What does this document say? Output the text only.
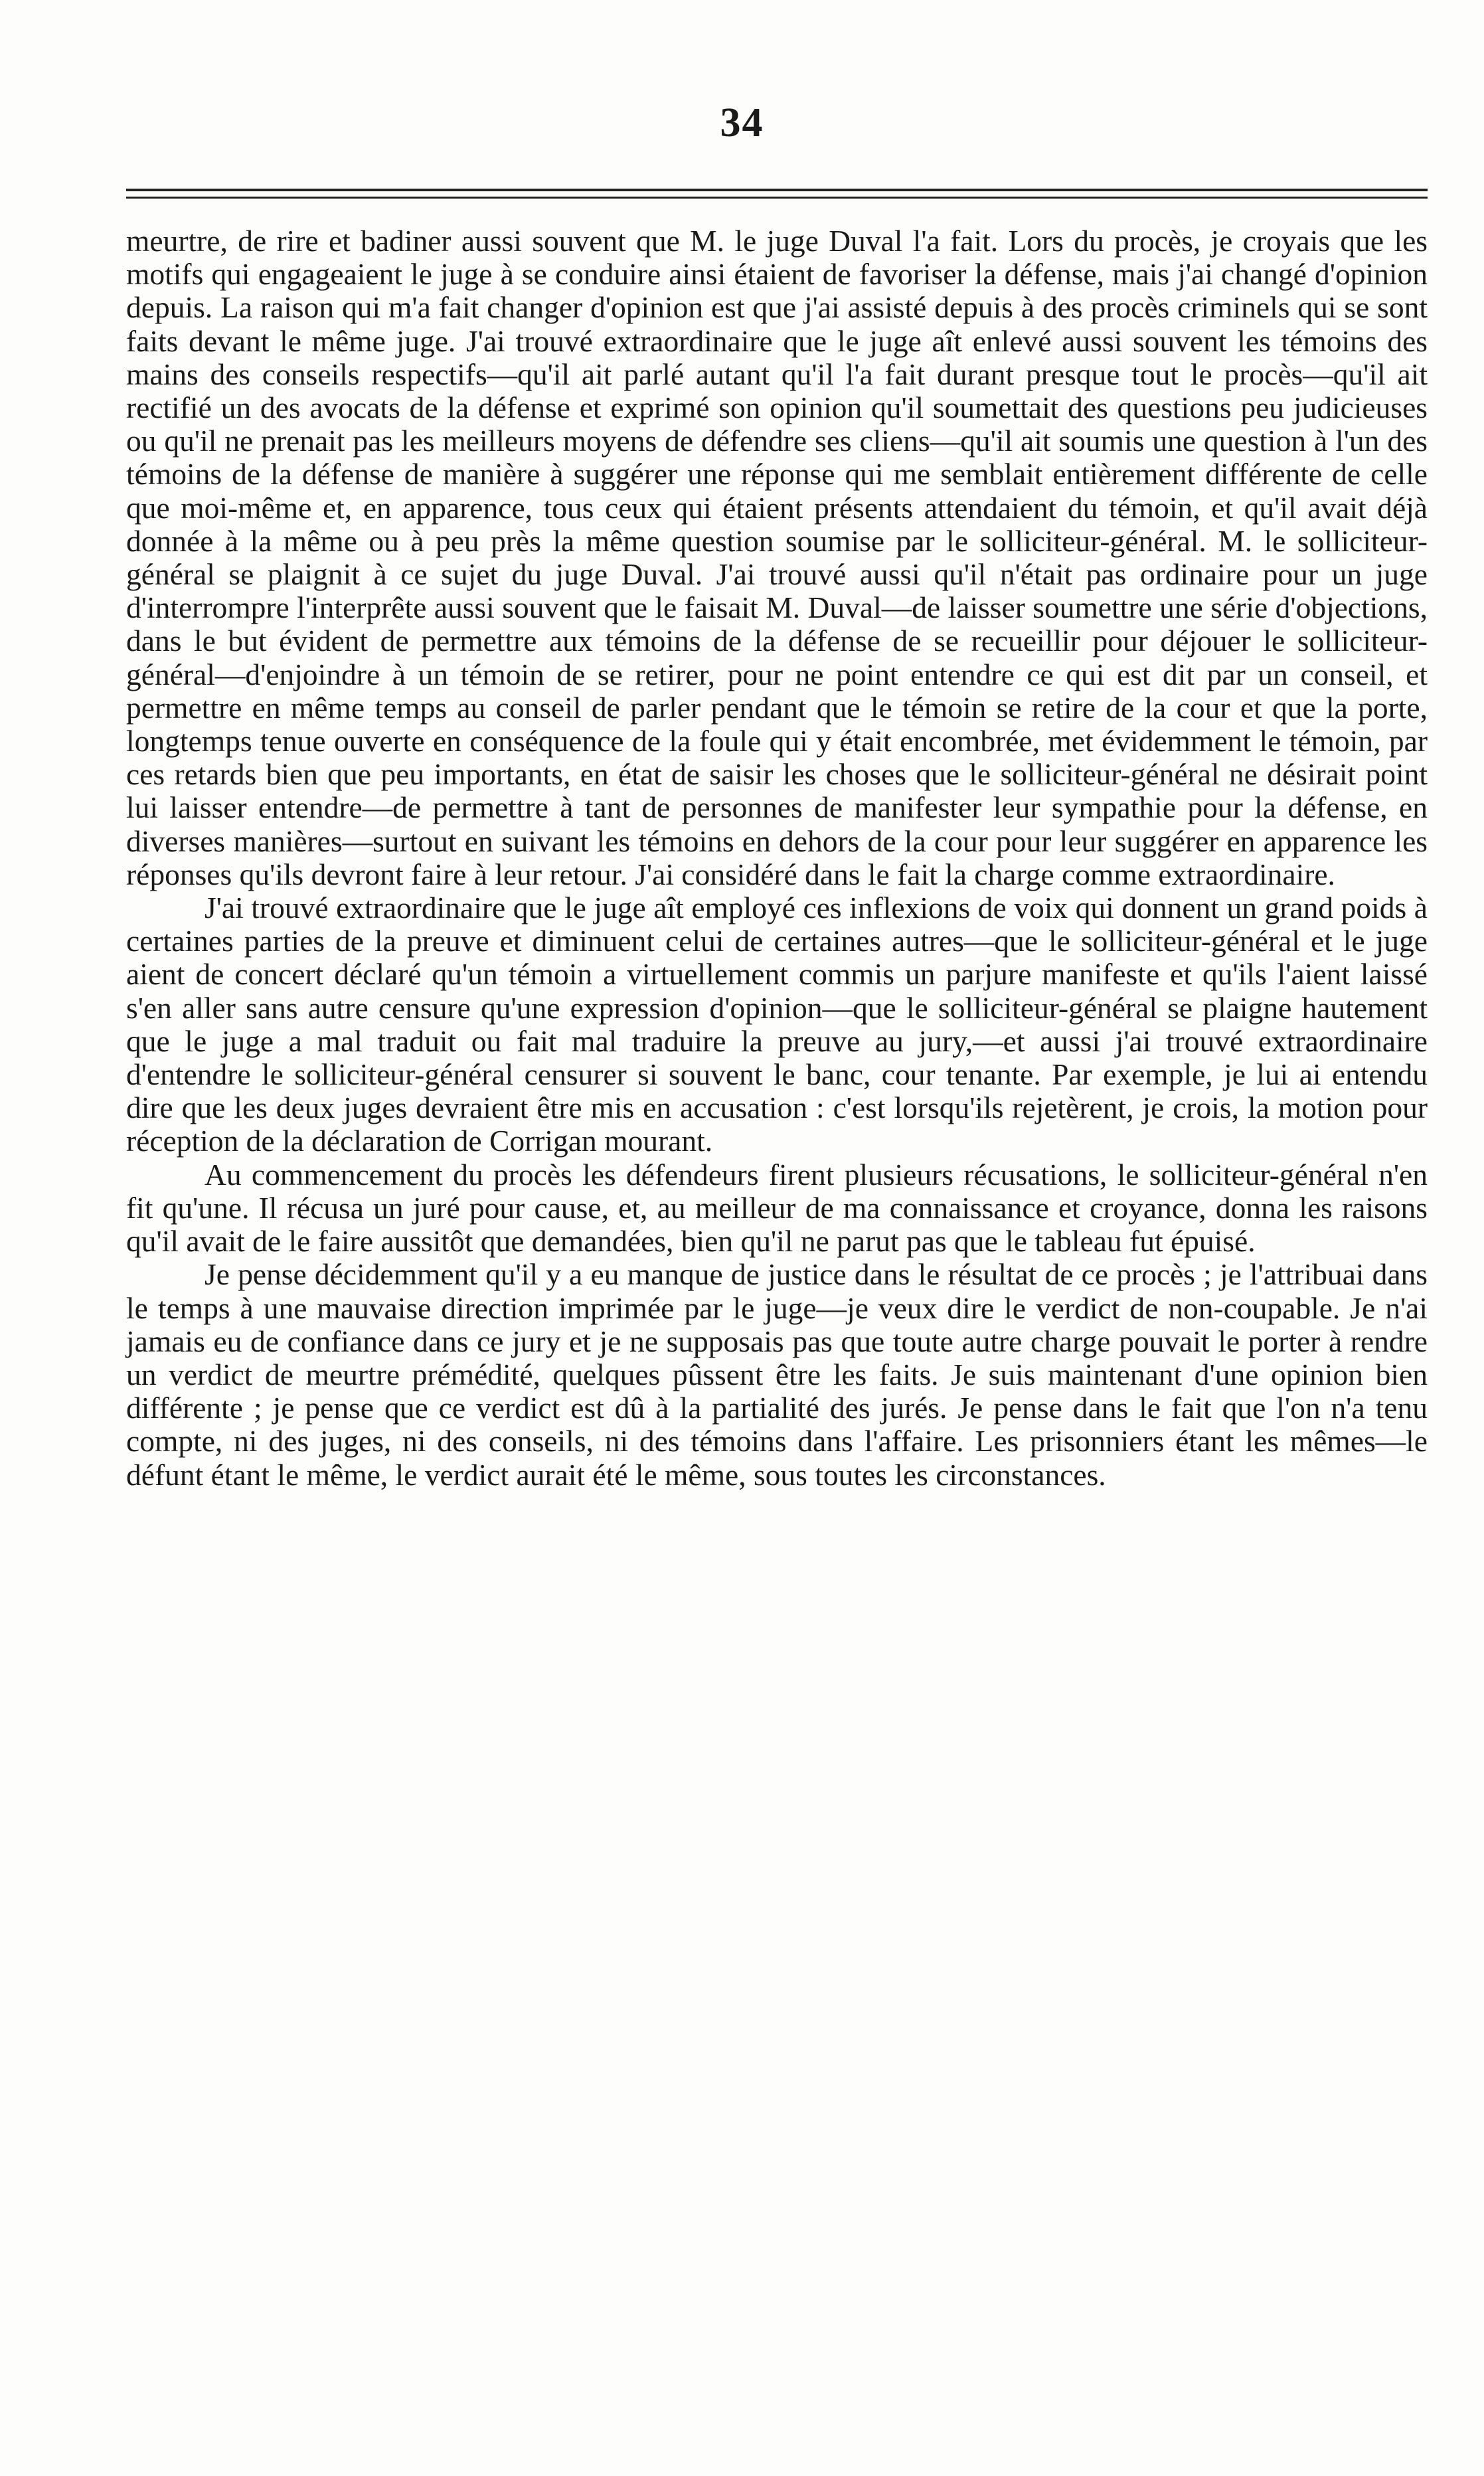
34

meurtre, de rire et badiner aussi souvent que M. le juge Duval l'a fait. Lors du procès, je croyais que les motifs qui engageaient le juge à se conduire ainsi étaient de favoriser la défense, mais j'ai changé d'opinion depuis. La raison qui m'a fait changer d'opinion est que j'ai assisté depuis à des procès criminels qui se sont faits devant le même juge. J'ai trouvé extraordinaire que le juge aît enlevé aussi souvent les témoins des mains des conseils respectifs—qu'il ait parlé autant qu'il l'a fait durant presque tout le procès—qu'il ait rectifié un des avocats de la défense et exprimé son opinion qu'il soumettait des questions peu judicieuses ou qu'il ne prenait pas les meilleurs moyens de défendre ses cliens—qu'il ait soumis une question à l'un des témoins de la défense de manière à suggérer une réponse qui me semblait entièrement différente de celle que moi-même et, en apparence, tous ceux qui étaient présents attendaient du témoin, et qu'il avait déjà donnée à la même ou à peu près la même question soumise par le solliciteur-général. M. le solliciteur-général se plaignit à ce sujet du juge Duval. J'ai trouvé aussi qu'il n'était pas ordinaire pour un juge d'interrompre l'interprête aussi souvent que le faisait M. Duval—de laisser soumettre une série d'objections, dans le but évident de permettre aux témoins de la défense de se recueillir pour déjouer le solliciteur-général—d'enjoindre à un témoin de se retirer, pour ne point entendre ce qui est dit par un conseil, et permettre en même temps au conseil de parler pendant que le témoin se retire de la cour et que la porte, longtemps tenue ouverte en conséquence de la foule qui y était encombrée, met évidemment le témoin, par ces retards bien que peu importants, en état de saisir les choses que le solliciteur-général ne désirait point lui laisser entendre—de permettre à tant de personnes de manifester leur sympathie pour la défense, en diverses manières—surtout en suivant les témoins en dehors de la cour pour leur suggérer en apparence les réponses qu'ils devront faire à leur retour. J'ai considéré dans le fait la charge comme extraordinaire.

J'ai trouvé extraordinaire que le juge aît employé ces inflexions de voix qui donnent un grand poids à certaines parties de la preuve et diminuent celui de certaines autres—que le solliciteur-général et le juge aient de concert déclaré qu'un témoin a virtuellement commis un parjure manifeste et qu'ils l'aient laissé s'en aller sans autre censure qu'une expression d'opinion—que le solliciteur-général se plaigne hautement que le juge a mal traduit ou fait mal traduire la preuve au jury,—et aussi j'ai trouvé extraordinaire d'entendre le solliciteur-général censurer si souvent le banc, cour tenante. Par exemple, je lui ai entendu dire que les deux juges devraient être mis en accusation : c'est lorsqu'ils rejetèrent, je crois, la motion pour réception de la déclaration de Corrigan mourant.

Au commencement du procès les défendeurs firent plusieurs récusations, le solliciteur-général n'en fit qu'une. Il récusa un juré pour cause, et, au meilleur de ma connaissance et croyance, donna les raisons qu'il avait de le faire aussitôt que demandées, bien qu'il ne parut pas que le tableau fut épuisé.

Je pense décidemment qu'il y a eu manque de justice dans le résultat de ce procès ; je l'attribuai dans le temps à une mauvaise direction imprimée par le juge—je veux dire le verdict de non-coupable. Je n'ai jamais eu de confiance dans ce jury et je ne supposais pas que toute autre charge pouvait le porter à rendre un verdict de meurtre prémédité, quelques pûssent être les faits. Je suis maintenant d'une opinion bien différente ; je pense que ce verdict est dû à la partialité des jurés. Je pense dans le fait que l'on n'a tenu compte, ni des juges, ni des conseils, ni des témoins dans l'affaire. Les prisonniers étant les mêmes—le défunt étant le même, le verdict aurait été le même, sous toutes les circonstances.
